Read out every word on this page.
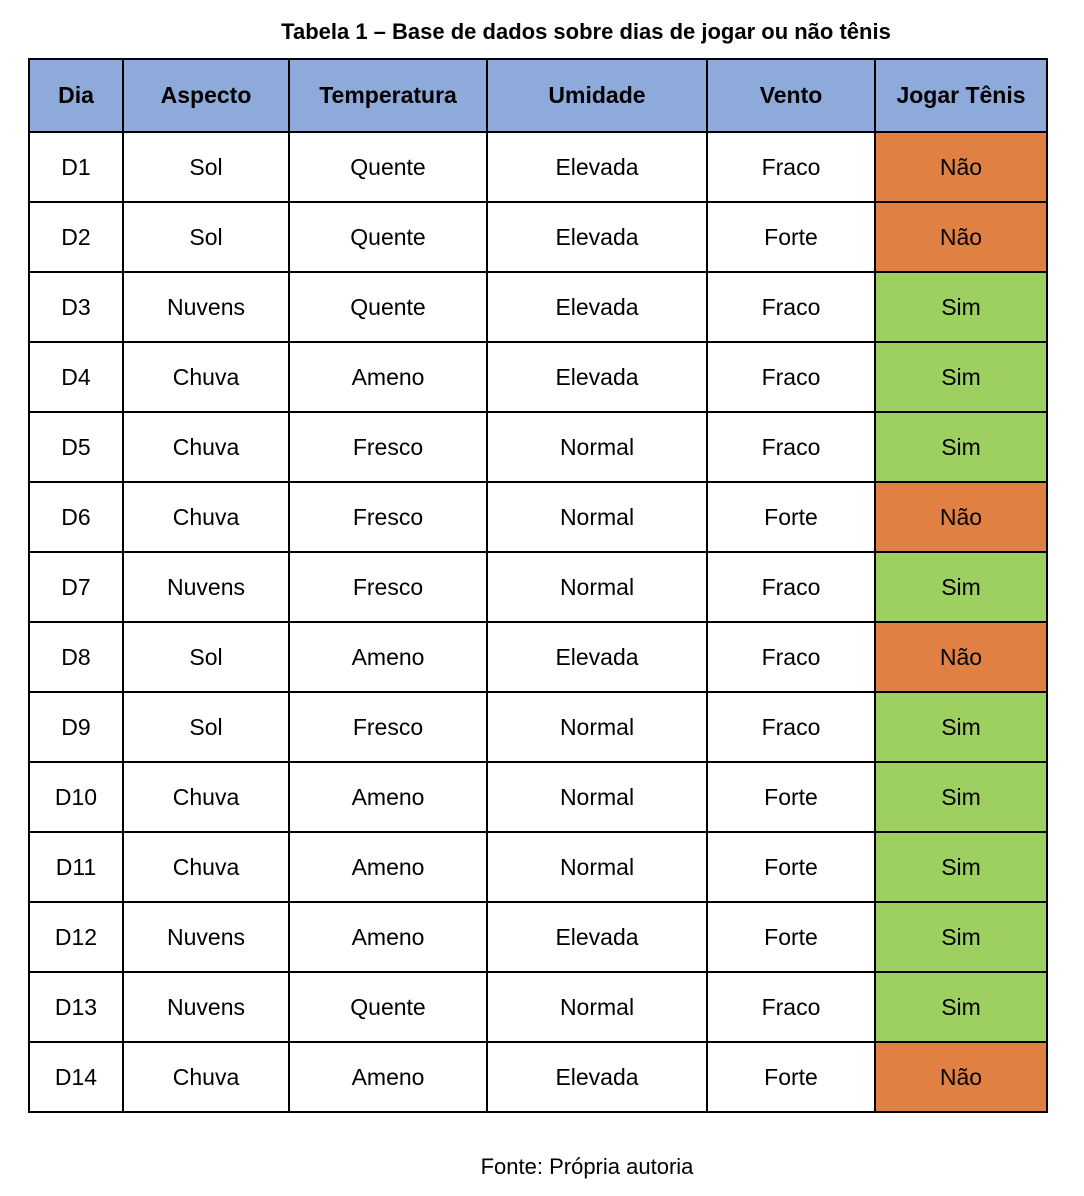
Tabela 1 – Base de dados sobre dias de jogar ou não tênis
Dia	Aspecto	Temperatura	Umidade	Vento	Jogar Tênis
D1	Sol	Quente	Elevada	Fraco	Não
D2	Sol	Quente	Elevada	Forte	Não
D3	Nuvens	Quente	Elevada	Fraco	Sim
D4	Chuva	Ameno	Elevada	Fraco	Sim
D5	Chuva	Fresco	Normal	Fraco	Sim
D6	Chuva	Fresco	Normal	Forte	Não
D7	Nuvens	Fresco	Normal	Fraco	Sim
D8	Sol	Ameno	Elevada	Fraco	Não
D9	Sol	Fresco	Normal	Fraco	Sim
D10	Chuva	Ameno	Normal	Forte	Sim
D11	Chuva	Ameno	Normal	Forte	Sim
D12	Nuvens	Ameno	Elevada	Forte	Sim
D13	Nuvens	Quente	Normal	Fraco	Sim
D14	Chuva	Ameno	Elevada	Forte	Não
Fonte: Própria autoria
